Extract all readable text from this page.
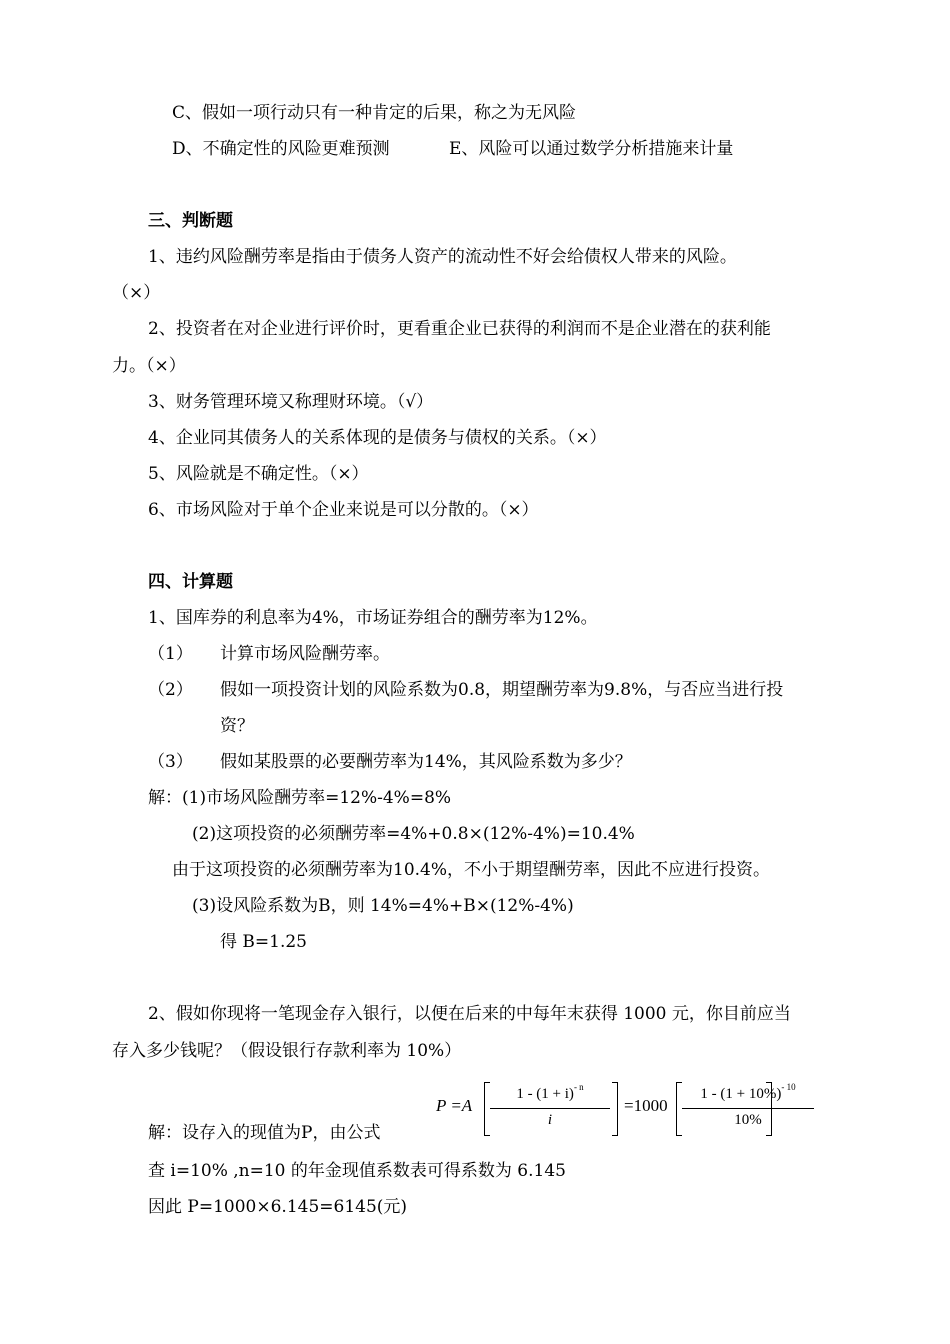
C、假如一项行动只有一种肯定的后果，称之为无风险
D、不确定性的风险更难预测	E、风险可以通过数学分析措施来计量
三、判断题
1、违约风险酬劳率是指由于债务人资产的流动性不好会给债权人带来的风险。
（×）
2、投资者在对企业进行评价时，更看重企业已获得的利润而不是企业潜在的获利能
力。（×）
3、财务管理环境又称理财环境。（√）
4、企业同其债务人的关系体现的是债务与债权的关系。（×）
5、风险就是不确定性。（×）
6、市场风险对于单个企业来说是可以分散的。（×）
四、计算题
1、国库券的利息率为4%，市场证券组合的酬劳率为12%。
（1） 计算市场风险酬劳率。
（2） 假如一项投资计划的风险系数为0.8，期望酬劳率为9.8%，与否应当进行投
资？
（3） 假如某股票的必要酬劳率为14%，其风险系数为多少？
解：(1)市场风险酬劳率=12%-4%=8%
(2)这项投资的必须酬劳率=4%+0.8×(12%-4%)=10.4%
由于这项投资的必须酬劳率为10.4%，不小于期望酬劳率，因此不应进行投资。
(3)设风险系数为B，则 14%=4%+B×(12%-4%)
得 B=1.25
2、假如你现将一笔现金存入银行，以便在后来的中每年末获得 1000 元，你目前应当
存入多少钱呢？（假设银行存款利率为 10%）
P =A
$1 - (1 + i)^{- n}$
i
=1000
$1 - (1 + 10\%)^{- 10}$
10%
解：设存入的现值为P，由公式
查 i=10% ,n=10 的年金现值系数表可得系数为 6.145
因此 P=1000×6.145=6145(元)
